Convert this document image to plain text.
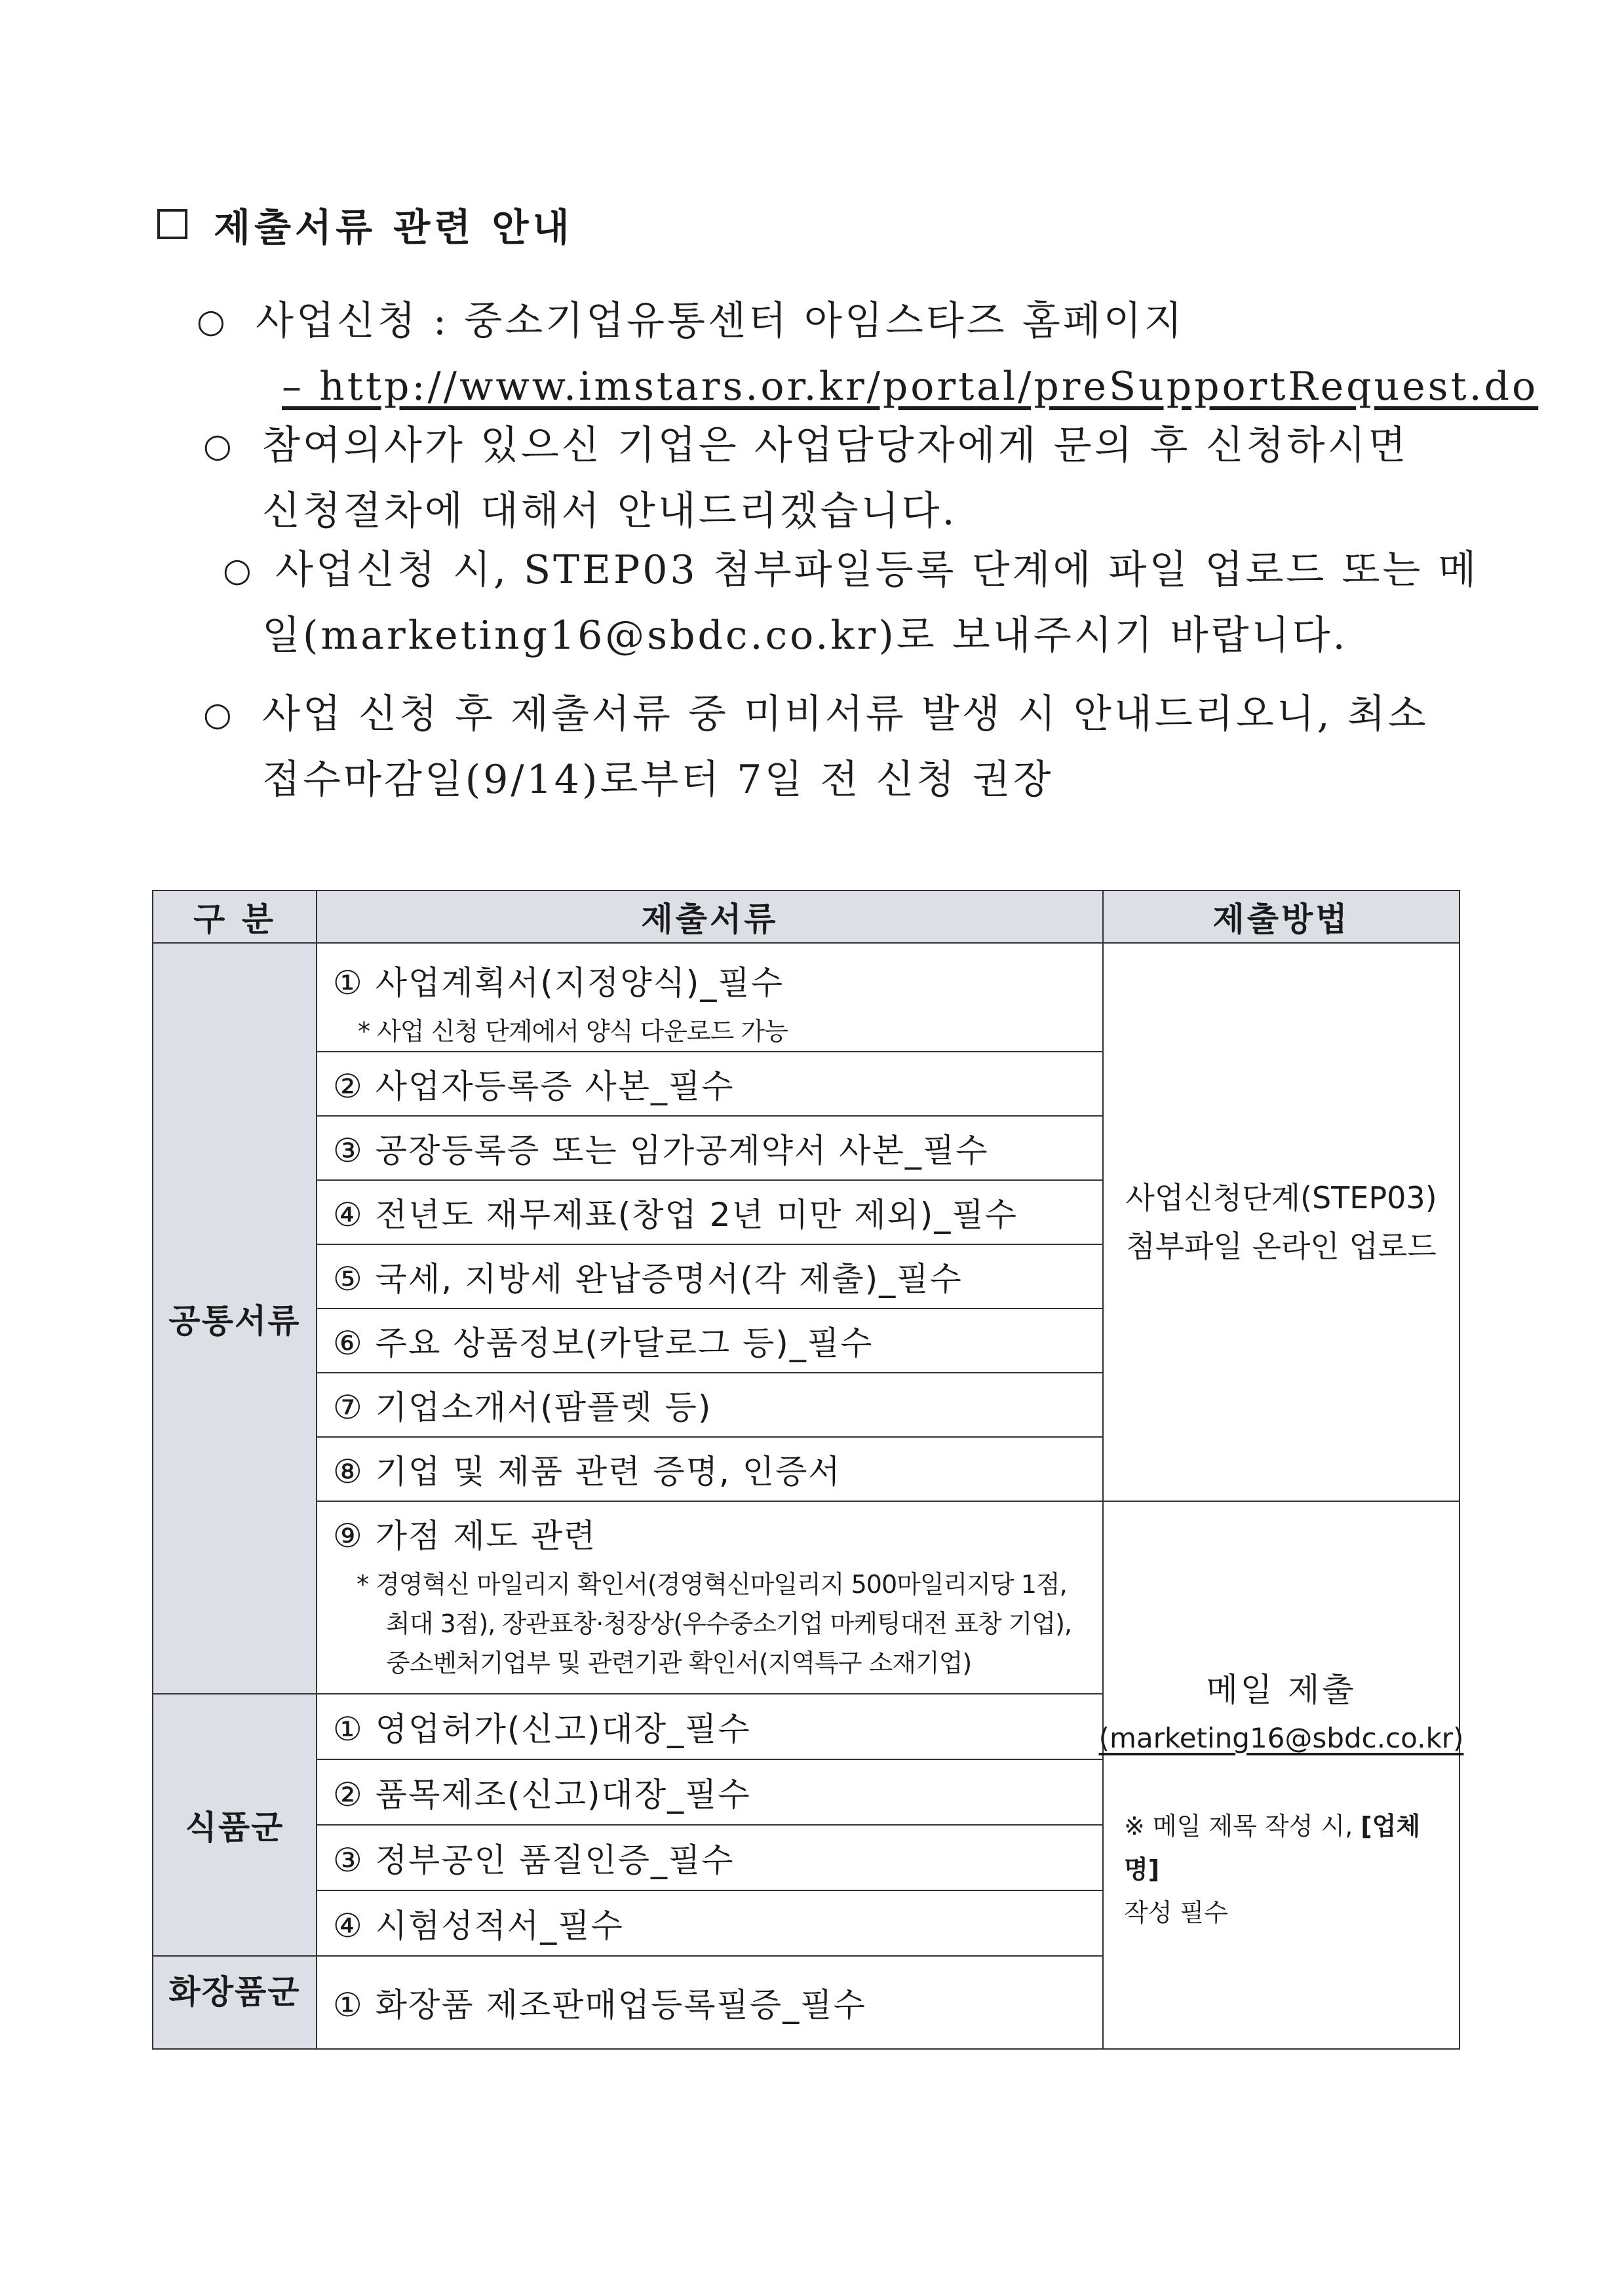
제출서류 관련 안내
○ 사업신청 : 중소기업유통센터 아임스타즈 홈페이지
– http://www.imstars.or.kr/portal/preSupportRequest.do
○ 참여의사가 있으신 기업은 사업담당자에게 문의 후 신청하시면
신청절차에 대해서 안내드리겠습니다.
○ 사업신청 시, STEP03 첨부파일등록 단계에 파일 업로드 또는 메
일(marketing16@sbdc.co.kr)로 보내주시기 바랍니다.
○ 사업 신청 후 제출서류 중 미비서류 발생 시 안내드리오니, 최소
접수마감일(9/14)로부터 7일 전 신청 권장
구 분	제출서류	제출방법
공통서류
식품군
화장품군
① 사업계획서(지정양식)_필수
* 사업 신청 단계에서 양식 다운로드 가능
② 사업자등록증 사본_필수
③ 공장등록증 또는 임가공계약서 사본_필수
④ 전년도 재무제표(창업 2년 미만 제외)_필수
⑤ 국세, 지방세 완납증명서(각 제출)_필수
⑥ 주요 상품정보(카달로그 등)_필수
⑦ 기업소개서(팜플렛 등)
⑧ 기업 및 제품 관련 증명, 인증서
⑨ 가점 제도 관련
* 경영혁신 마일리지 확인서(경영혁신마일리지 500마일리지당 1점,
최대 3점), 장관표창·청장상(우수중소기업 마케팅대전 표창 기업),
중소벤처기업부 및 관련기관 확인서(지역특구 소재기업)
① 영업허가(신고)대장_필수
② 품목제조(신고)대장_필수
③ 정부공인 품질인증_필수
④ 시험성적서_필수
① 화장품 제조판매업등록필증_필수
사업신청단계(STEP03)
첨부파일 온라인 업로드
메일 제출
(marketing16@sbdc.co.kr)
※ 메일 제목 작성 시, [업체명]
작성 필수
